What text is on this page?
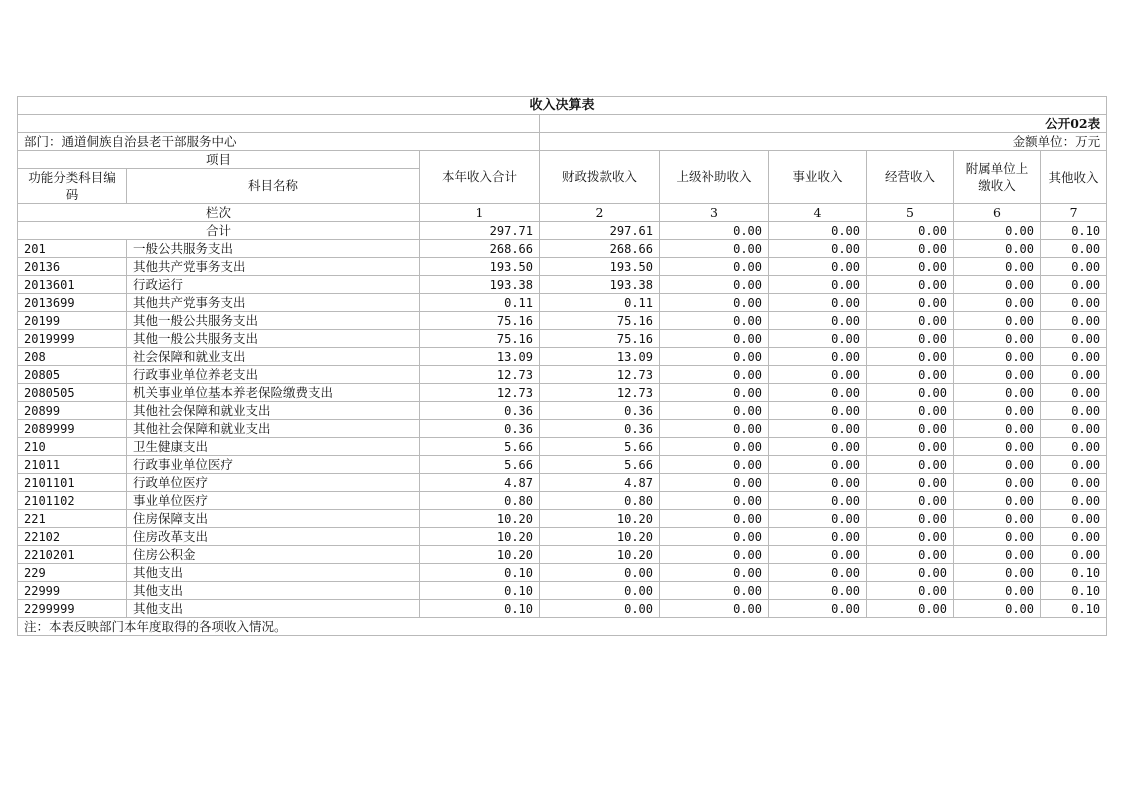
收入决算表								
			公开02表					
部门：通道侗族自治县老干部服务中心			金额单位：万元					
项目		本年收入合计	财政拨款收入	上级补助收入	事业收入	经营收入	附属单位上缴收入	其他收入
功能分类科目编码	科目名称							
栏次		1	2	3	4	5	6	7
合计		297.71	297.61	0.00	0.00	0.00	0.00	0.10
201	一般公共服务支出	268.66	268.66	0.00	0.00	0.00	0.00	0.00
20136	其他共产党事务支出	193.50	193.50	0.00	0.00	0.00	0.00	0.00
2013601	行政运行	193.38	193.38	0.00	0.00	0.00	0.00	0.00
2013699	其他共产党事务支出	0.11	0.11	0.00	0.00	0.00	0.00	0.00
20199	其他一般公共服务支出	75.16	75.16	0.00	0.00	0.00	0.00	0.00
2019999	其他一般公共服务支出	75.16	75.16	0.00	0.00	0.00	0.00	0.00
208	社会保障和就业支出	13.09	13.09	0.00	0.00	0.00	0.00	0.00
20805	行政事业单位养老支出	12.73	12.73	0.00	0.00	0.00	0.00	0.00
2080505	机关事业单位基本养老保险缴费支出	12.73	12.73	0.00	0.00	0.00	0.00	0.00
20899	其他社会保障和就业支出	0.36	0.36	0.00	0.00	0.00	0.00	0.00
2089999	其他社会保障和就业支出	0.36	0.36	0.00	0.00	0.00	0.00	0.00
210	卫生健康支出	5.66	5.66	0.00	0.00	0.00	0.00	0.00
21011	行政事业单位医疗	5.66	5.66	0.00	0.00	0.00	0.00	0.00
2101101	行政单位医疗	4.87	4.87	0.00	0.00	0.00	0.00	0.00
2101102	事业单位医疗	0.80	0.80	0.00	0.00	0.00	0.00	0.00
221	住房保障支出	10.20	10.20	0.00	0.00	0.00	0.00	0.00
22102	住房改革支出	10.20	10.20	0.00	0.00	0.00	0.00	0.00
2210201	住房公积金	10.20	10.20	0.00	0.00	0.00	0.00	0.00
229	其他支出	0.10	0.00	0.00	0.00	0.00	0.00	0.10
22999	其他支出	0.10	0.00	0.00	0.00	0.00	0.00	0.10
2299999	其他支出	0.10	0.00	0.00	0.00	0.00	0.00	0.10
注：本表反映部门本年度取得的各项收入情况。								
